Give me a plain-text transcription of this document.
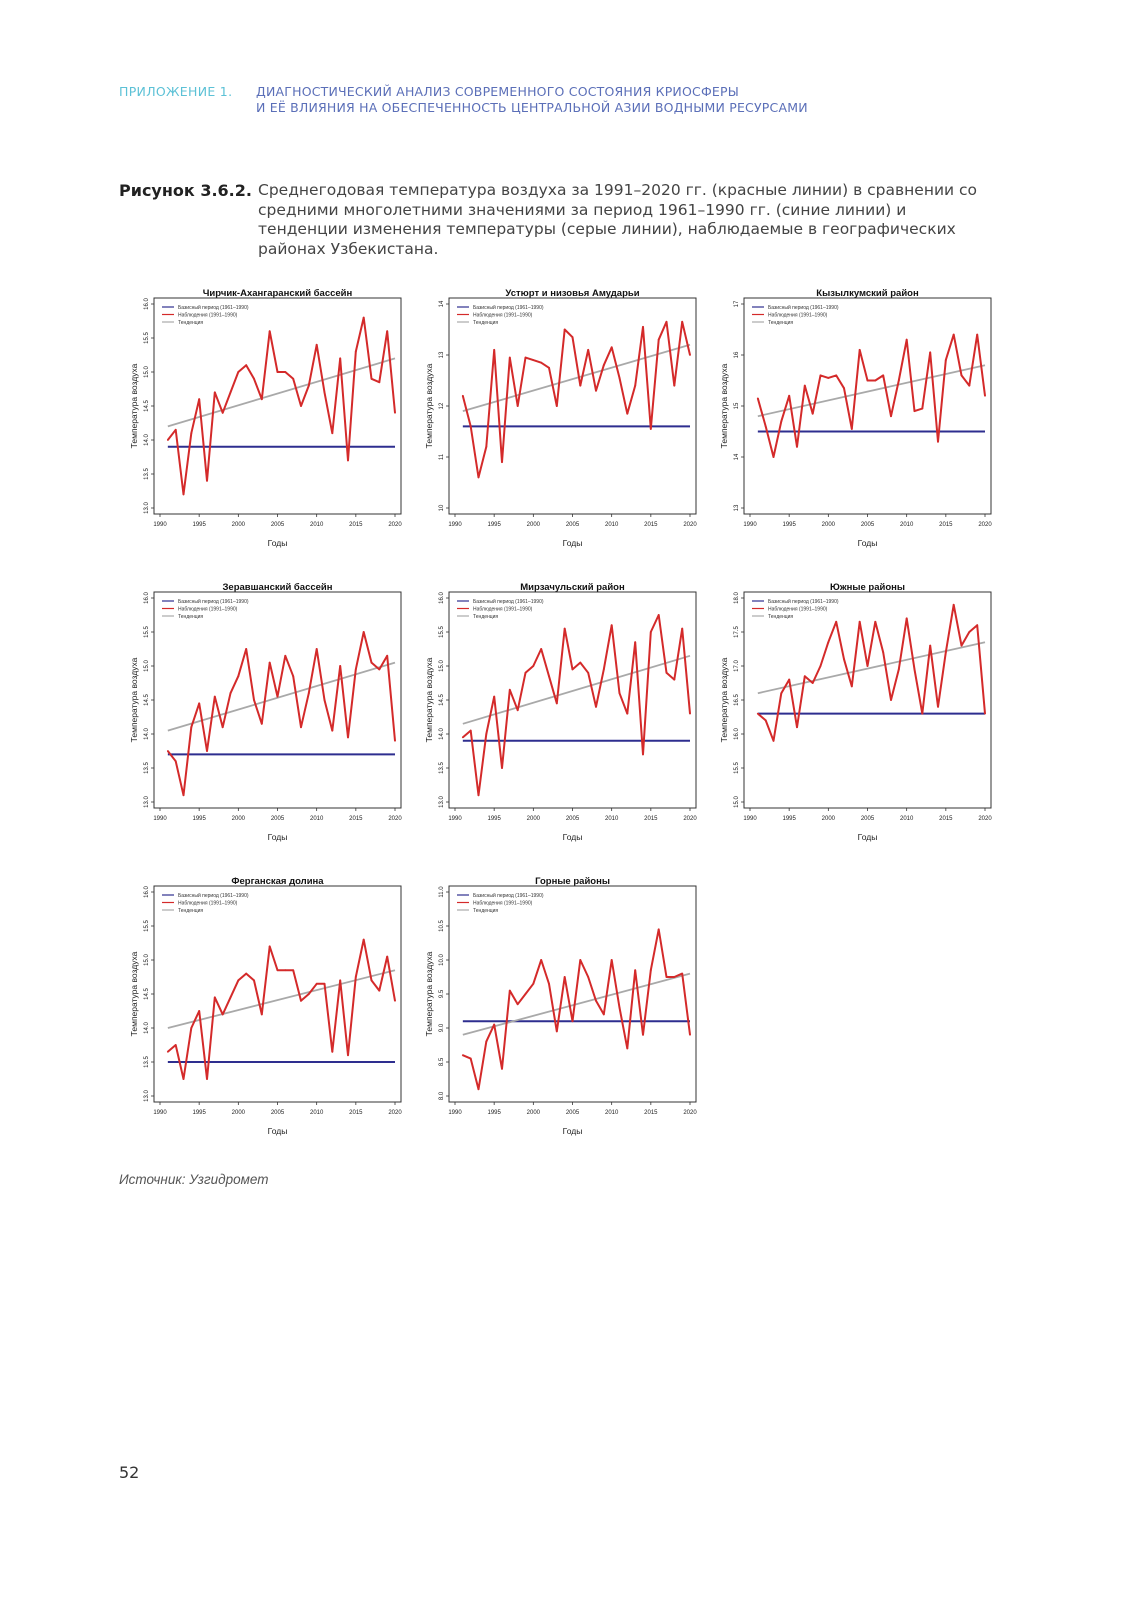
ПРИЛОЖЕНИЕ 1. ДИАГНОСТИЧЕСКИЙ АНАЛИЗ СОВРЕМЕННОГО СОСТОЯНИЯ КРИОСФЕРЫ
И ЕЁ ВЛИЯНИЯ НА ОБЕСПЕЧЕННОСТЬ ЦЕНТРАЛЬНОЙ АЗИИ ВОДНЫМИ РЕСУРСАМИ
Рисунок 3.6.2. Среднегодовая температура воздуха за 1991–2020 гг. (красные линии) в сравнении со средними многолетними значениями за период 1961–1990 гг. (синие линии) и тенденции изменения температуры (серые линии), наблюдаемые в географических районах Узбекистана.
Чирчик-Ахангаранский бассейн
13.0
13.5
14.0
14.5
15.0
15.5
16.0
1990	1995	2000	2005	2010	2015	2020
Годы
Температура воздуха
Базисный период (1961–1990)
Наблюдения (1991–1990)
Тенденция
Устюрт и низовья Амударьи
10
11
12
13
14
1990	1995	2000	2005	2010	2015	2020
Годы
Температура воздуха
Базисный период (1961–1990)
Наблюдения (1991–1990)
Тенденция
Кызылкумский район
13
14
15
16
17
1990	1995	2000	2005	2010	2015	2020
Годы
Температура воздуха
Базисный период (1961–1990)
Наблюдения (1991–1990)
Тенденция
Зеравшанский бассейн
13.0
13.5
14.0
14.5
15.0
15.5
16.0
1990	1995	2000	2005	2010	2015	2020
Годы
Температура воздуха
Базисный период (1961–1990)
Наблюдения (1991–1990)
Тенденция
Мирзачульский район
13.0
13.5
14.0
14.5
15.0
15.5
16.0
1990	1995	2000	2005	2010	2015	2020
Годы
Температура воздуха
Базисный период (1961–1990)
Наблюдения (1991–1990)
Тенденция
Южные районы
15.0
15.5
16.0
16.5
17.0
17.5
18.0
1990	1995	2000	2005	2010	2015	2020
Годы
Температура воздуха
Базисный период (1961–1990)
Наблюдения (1991–1990)
Тенденция
Ферганская долина
13.0
13.5
14.0
14.5
15.0
15.5
16.0
1990	1995	2000	2005	2010	2015	2020
Годы
Температура воздуха
Базисный период (1961–1990)
Наблюдения (1991–1990)
Тенденция
Горные районы
8.0
8.5
9.0
9.5
10.0
10.5
11.0
1990	1995	2000	2005	2010	2015	2020
Годы
Температура воздуха
Базисный период (1961–1990)
Наблюдения (1991–1990)
Тенденция
Источник: Узгидромет
52
